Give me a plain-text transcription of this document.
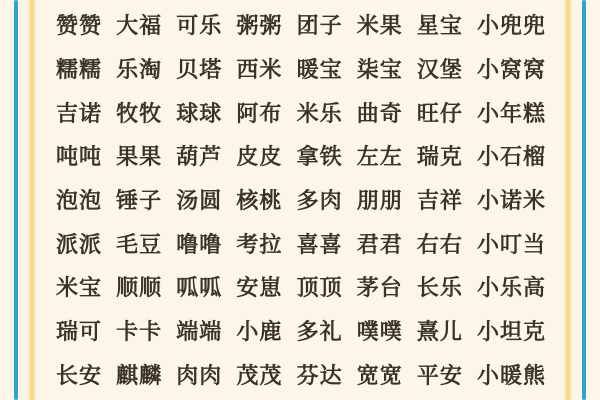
赞赞 大福 可乐 粥粥 团子 米果 星宝 小兜兜
糯糯 乐淘 贝塔 西米 暖宝 柒宝 汉堡 小窝窝
吉诺 牧牧 球球 阿布 米乐 曲奇 旺仔 小年糕
吨吨 果果 葫芦 皮皮 拿铁 左左 瑞克 小石榴
泡泡 锤子 汤圆 核桃 多肉 朋朋 吉祥 小诺米
派派 毛豆 噜噜 考拉 喜喜 君君 右右 小叮当
米宝 顺顺 呱呱 安崽 顶顶 茅台 长乐 小乐高
瑞可 卡卡 端端 小鹿 多礼 噗噗 熹儿 小坦克
长安 麒麟 肉肉 茂茂 芬达 宽宽 平安 小暖熊
